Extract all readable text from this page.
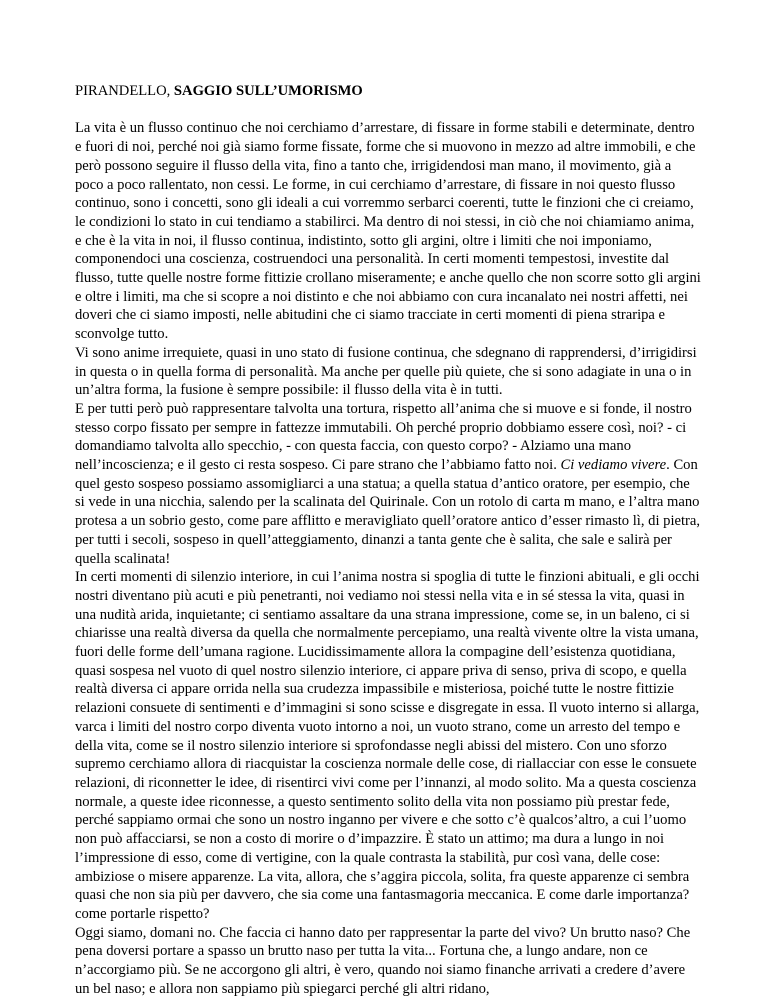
PIRANDELLO, SAGGIO SULL’UMORISMO

La vita è un flusso continuo che noi cerchiamo d’arrestare, di fissare in forme stabili e determinate, dentro e fuori di noi, perché noi già siamo forme fissate, forme che si muovono in mezzo ad altre immobili, e che però possono seguire il flusso della vita, fino a tanto che, irrigidendosi man mano, il movimento, già a poco a poco rallentato, non cessi. Le forme, in cui cerchiamo d’arrestare, di fissare in noi questo flusso continuo, sono i concetti, sono gli ideali a cui vorremmo serbarci coerenti, tutte le finzioni che ci creiamo, le condizioni lo stato in cui tendiamo a stabilirci. Ma dentro di noi stessi, in ciò che noi chiamiamo anima, e che è la vita in noi, il flusso continua, indistinto, sotto gli argini, oltre i limiti che noi imponiamo, componendoci una coscienza, costruendoci una personalità. In certi momenti tempestosi, investite dal flusso, tutte quelle nostre forme fittizie crollano miseramente; e anche quello che non scorre sotto gli argini e oltre i limiti, ma che si scopre a noi distinto e che noi abbiamo con cura incanalato nei nostri affetti, nei doveri che ci siamo imposti, nelle abitudini che ci siamo tracciate in certi momenti di piena straripa e sconvolge tutto.

Vi sono anime irrequiete, quasi in uno stato di fusione continua, che sdegnano di rapprendersi, d’irrigidirsi in questa o in quella forma di personalità. Ma anche per quelle più quiete, che si sono adagiate in una o in un’altra forma, la fusione è sempre possibile: il flusso della vita è in tutti.

E per tutti però può rappresentare talvolta una tortura, rispetto all’anima che si muove e si fonde, il nostro stesso corpo fissato per sempre in fattezze immutabili. Oh perché proprio dobbiamo essere così, noi? - ci domandiamo talvolta allo specchio, - con questa faccia, con questo corpo? - Alziamo una mano nell’incoscienza; e il gesto ci resta sospeso. Ci pare strano che l’abbiamo fatto noi. Ci vediamo vivere. Con quel gesto sospeso possiamo assomigliarci a una statua; a quella statua d’antico oratore, per esempio, che si vede in una nicchia, salendo per la scalinata del Quirinale. Con un rotolo di carta m mano, e l’altra mano protesa a un sobrio gesto, come pare afflitto e meravigliato quell’oratore antico d’esser rimasto lì, di pietra, per tutti i secoli, sospeso in quell’atteggiamento, dinanzi a tanta gente che è salita, che sale e salirà per quella scalinata!

In certi momenti di silenzio interiore, in cui l’anima nostra si spoglia di tutte le finzioni abituali, e gli occhi nostri diventano più acuti e più penetranti, noi vediamo noi stessi nella vita e in sé stessa la vita, quasi in una nudità arida, inquietante; ci sentiamo assaltare da una strana impressione, come se, in un baleno, ci si chiarisse una realtà diversa da quella che normalmente percepiamo, una realtà vivente oltre la vista umana, fuori delle forme dell’umana ragione. Lucidissimamente allora la compagine dell’esistenza quotidiana, quasi sospesa nel vuoto di quel nostro silenzio interiore, ci appare priva di senso, priva di scopo, e quella realtà diversa ci appare orrida nella sua crudezza impassibile e misteriosa, poiché tutte le nostre fittizie relazioni consuete di sentimenti e d’immagini si sono scisse e disgregate in essa. Il vuoto interno si allarga, varca i limiti del nostro corpo diventa vuoto intorno a noi, un vuoto strano, come un arresto del tempo e della vita, come se il nostro silenzio interiore si sprofondasse negli abissi del mistero. Con uno sforzo supremo cerchiamo allora di riacquistar la coscienza normale delle cose, di riallacciar con esse le consuete relazioni, di riconnetter le idee, di risentirci vivi come per l’innanzi, al modo solito. Ma a questa coscienza normale, a queste idee riconnesse, a questo sentimento solito della vita non possiamo più prestar fede, perché sappiamo ormai che sono un nostro inganno per vivere e che sotto c’è qualcos’altro, a cui l’uomo non può affacciarsi, se non a costo di morire o d’impazzire. È stato un attimo; ma dura a lungo in noi l’impressione di esso, come di vertigine, con la quale contrasta la stabilità, pur così vana, delle cose: ambiziose o misere apparenze. La vita, allora, che s’aggira piccola, solita, fra queste apparenze ci sembra quasi che non sia più per davvero, che sia come una fantasmagoria meccanica. E come darle importanza? come portarle rispetto?

Oggi siamo, domani no. Che faccia ci hanno dato per rappresentar la parte del vivo? Un brutto naso? Che pena doversi portare a spasso un brutto naso per tutta la vita... Fortuna che, a lungo andare, non ce n’accorgiamo più. Se ne accorgono gli altri, è vero, quando noi siamo finanche arrivati a credere d’avere un bel naso; e allora non sappiamo più spiegarci perché gli altri ridano,
